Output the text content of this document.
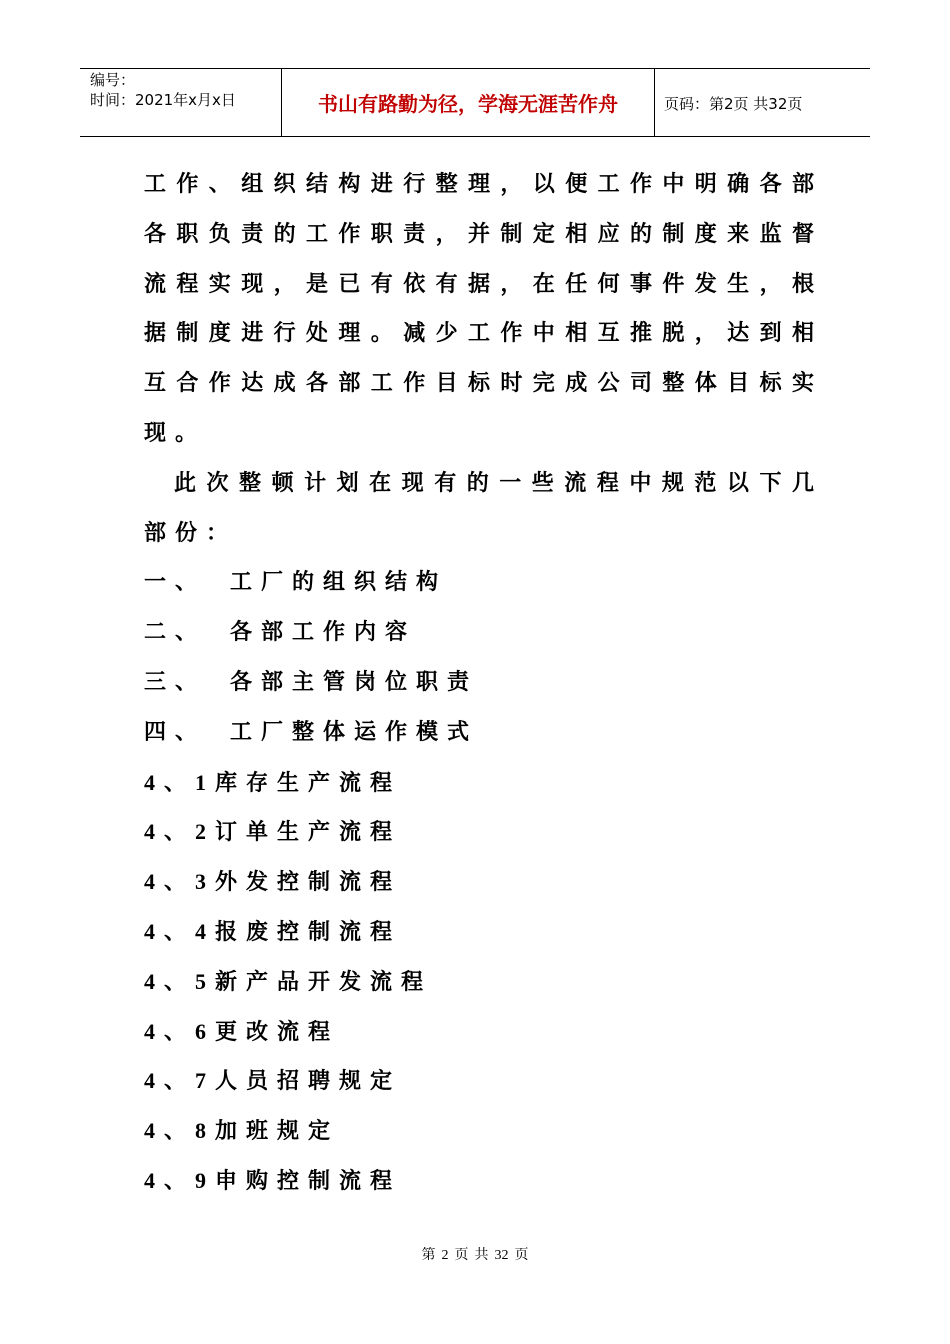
编号：
时间：2021年x月x日	书山有路勤为径，学海无涯苦作舟	页码：第2页 共32页
工作、组织结构进行整理，以便工作中明确各部
各职负责的工作职责，并制定相应的制度来监督
流程实现，是已有依有据，在任何事件发生，根
据制度进行处理。减少工作中相互推脱，达到相
互合作达成各部工作目标时完成公司整体目标实
现。
此次整顿计划在现有的一些流程中规范以下几
部份：
一、 工厂的组织结构
二、 各部工作内容
三、 各部主管岗位职责
四、 工厂整体运作模式
4、1库存生产流程
4、2订单生产流程
4、3外发控制流程
4、4报废控制流程
4、5新产品开发流程
4、6更改流程
4、7人员招聘规定
4、8加班规定
4、9申购控制流程
第 2 页 共 32 页
